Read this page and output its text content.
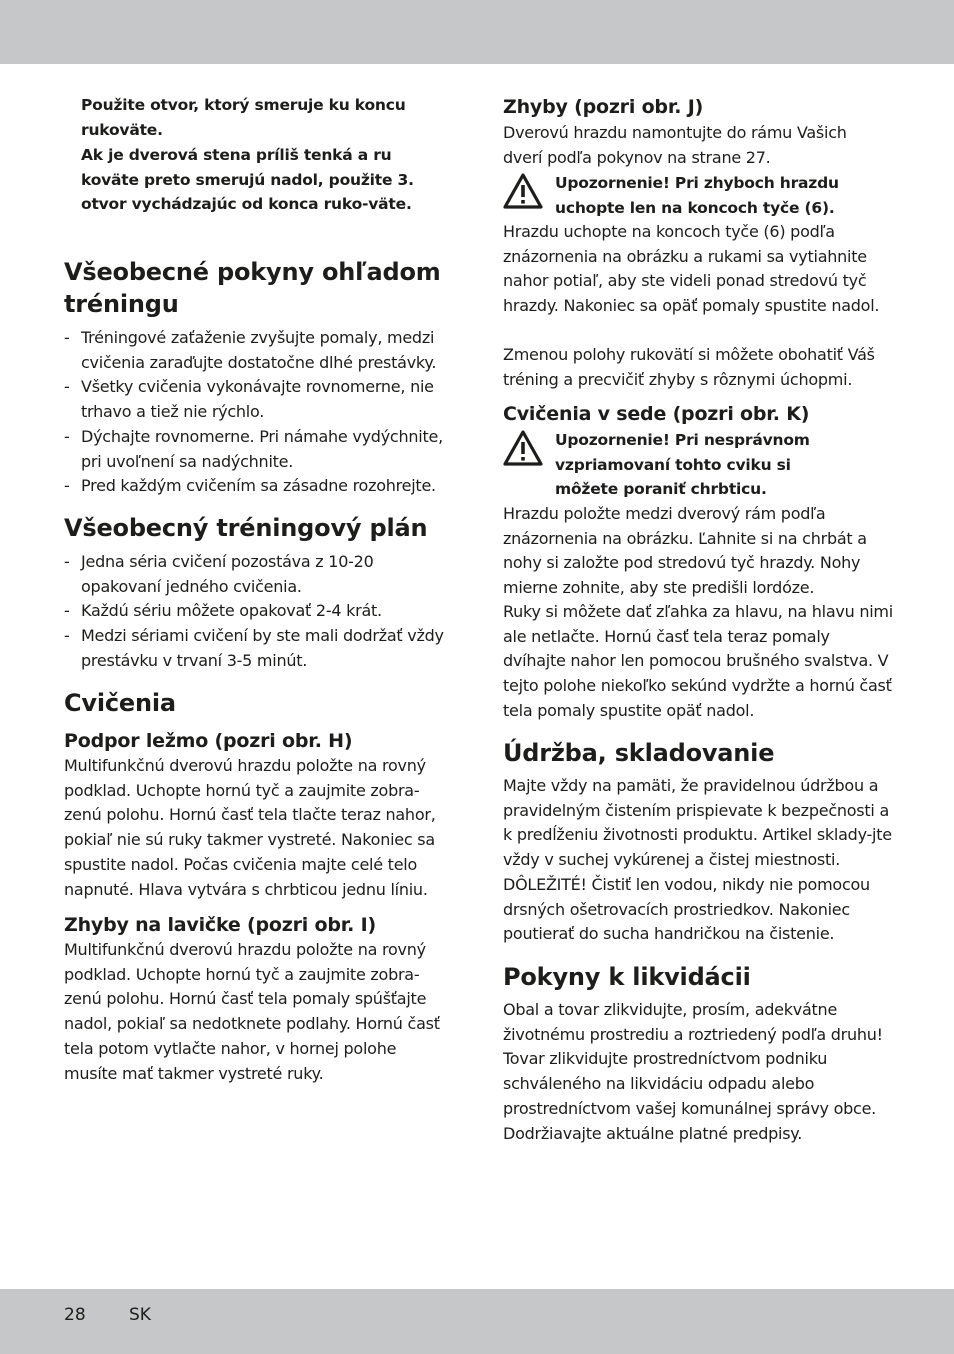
Použite otvor, ktorý smeruje ku koncu rukoväte.

Ak je dverová stena príliš tenká a ru koväte preto smerujú nadol, použite 3. otvor vychádzajúc od konca ruko-väte.

Všeobecné pokyny ohľadom tréningu
- Tréningové zaťaženie zvyšujte pomaly, medzi cvičenia zaraďujte dostatočne dlhé prestávky.
- Všetky cvičenia vykonávajte rovnomerne, nie trhavo a tiež nie rýchlo.
- Dýchajte rovnomerne. Pri námahe vydýchnite, pri uvoľnení sa nadýchnite.
- Pred každým cvičením sa zásadne rozohrejte.
Všeobecný tréningový plán
- Jedna séria cvičení pozostáva z 10-20 opakovaní jedného cvičenia.
- Každú sériu môžete opakovať 2-4 krát.
- Medzi sériami cvičení by ste mali dodržať vždy prestávku v trvaní 3-5 minút.
Cvičenia
Podpor ležmo (pozri obr. H)

Multifunkčnú dverovú hrazdu položte na rovný podklad. Uchopte hornú tyč a zaujmite zobra-zenú polohu. Hornú časť tela tlačte teraz nahor, pokiaľ nie sú ruky takmer vystreté. Nakoniec sa spustite nadol. Počas cvičenia majte celé telo napnuté. Hlava vytvára s chrbticou jednu líniu.

Zhyby na lavičke (pozri obr. I)

Multifunkčnú dverovú hrazdu položte na rovný podklad. Uchopte hornú tyč a zaujmite zobra-zenú polohu. Hornú časť tela pomaly spúšťajte nadol, pokiaľ sa nedotknete podlahy. Hornú časť tela potom vytlačte nahor, v hornej polohe musíte mať takmer vystreté ruky.

Zhyby (pozri obr. J)

Dverovú hrazdu namontujte do rámu Vašich dverí podľa pokynov na strane 27.

Upozornenie! Pri zhyboch hrazdu uchopte len na koncoch tyče (6).

Hrazdu uchopte na koncoch tyče (6) podľa znázornenia na obrázku a rukami sa vytiahnite nahor potiaľ, aby ste videli ponad stredovú tyč hrazdy. Nakoniec sa opäť pomaly spustite nadol.

Zmenou polohy rukovätí si môžete obohatiť Váš tréning a precvičiť zhyby s rôznymi úchopmi.

Cvičenia v sede (pozri obr. K)

Upozornenie! Pri nesprávnom vzpriamovaní tohto cviku si môžete poraniť chrbticu.

Hrazdu položte medzi dverový rám podľa znázornenia na obrázku. Ľahnite si na chrbát a nohy si založte pod stredovú tyč hrazdy. Nohy mierne zohnite, aby ste predišli lordóze.

Ruky si môžete dať zľahka za hlavu, na hlavu nimi ale netlačte. Hornú časť tela teraz pomaly dvíhajte nahor len pomocou brušného svalstva. V tejto polohe niekoľko sekúnd vydržte a hornú časť tela pomaly spustite opäť nadol.

Údržba, skladovanie

Majte vždy na pamäti, že pravidelnou údržbou a pravidelným čistením prispievate k bezpečnosti a k predĺženiu životnosti produktu. Artikel sklady-jte vždy v suchej vykúrenej a čistej miestnosti. DÔLEŽITÉ! Čistiť len vodou, nikdy nie pomocou drsných ošetrovacích prostriedkov. Nakoniec poutierať do sucha handričkou na čistenie.

Pokyny k likvidácii

Obal a tovar zlikvidujte, prosím, adekvátne životnému prostrediu a roztriedený podľa druhu! Tovar zlikvidujte prostredníctvom podniku schváleného na likvidáciu odpadu alebo prostredníctvom vašej komunálnej správy obce. Dodržiavajte aktuálne platné predpisy.

28	SK
